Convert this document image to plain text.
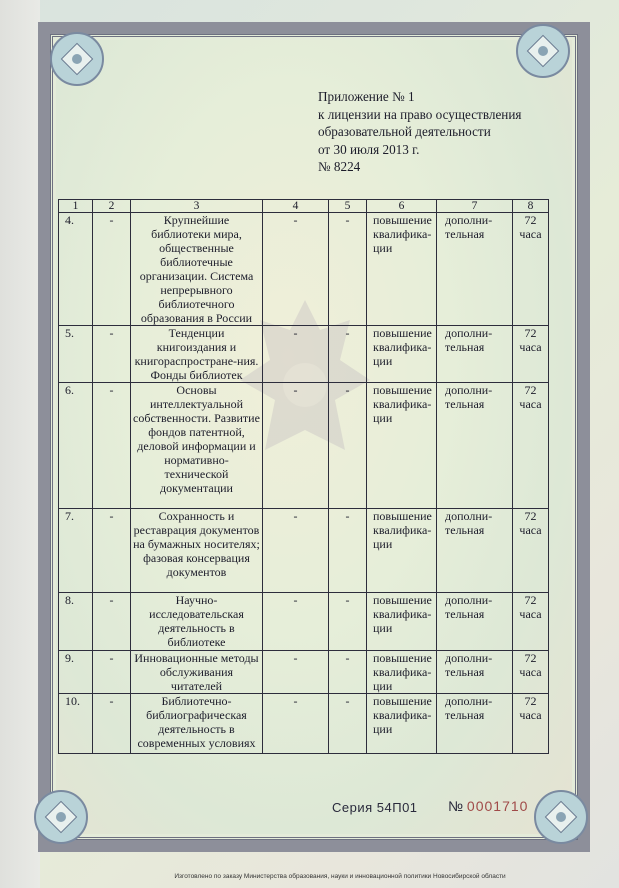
Приложение № 1
к лицензии на право осуществления
образовательной деятельности
от 30 июля 2013 г.
№ 8224
1	2	3	4	5	6	7	8
4.	-	Крупнейшие библиотеки мира, общественные библиотечные организации. Система непрерывного библиотечного образования в России	-	-	повышение квалифика-ции	дополни-тельная	72 часа
5.	-	Тенденции книгоиздания и книгораспростране-ния. Фонды библиотек	-	-	повышение квалифика-ции	дополни-тельная	72 часа
6.	-	Основы интеллектуальной собственности. Развитие фондов патентной, деловой информации и нормативно-технической документации	-	-	повышение квалифика-ции	дополни-тельная	72 часа
7.	-	Сохранность и реставрация документов на бумажных носителях; фазовая консервация документов	-	-	повышение квалифика-ции	дополни-тельная	72 часа
8.	-	Научно-исследовательская деятельность в библиотеке	-	-	повышение квалифика-ции	дополни-тельная	72 часа
9.	-	Инновационные методы обслуживания читателей	-	-	повышение квалифика-ции	дополни-тельная	72 часа
10.	-	Библиотечно-библиографическая деятельность в современных условиях	-	-	повышение квалифика-ции	дополни-тельная	72 часа
Серия 54П01 № 0001710
Изготовлено по заказу Министерства образования, науки и инновационной политики Новосибирской области
